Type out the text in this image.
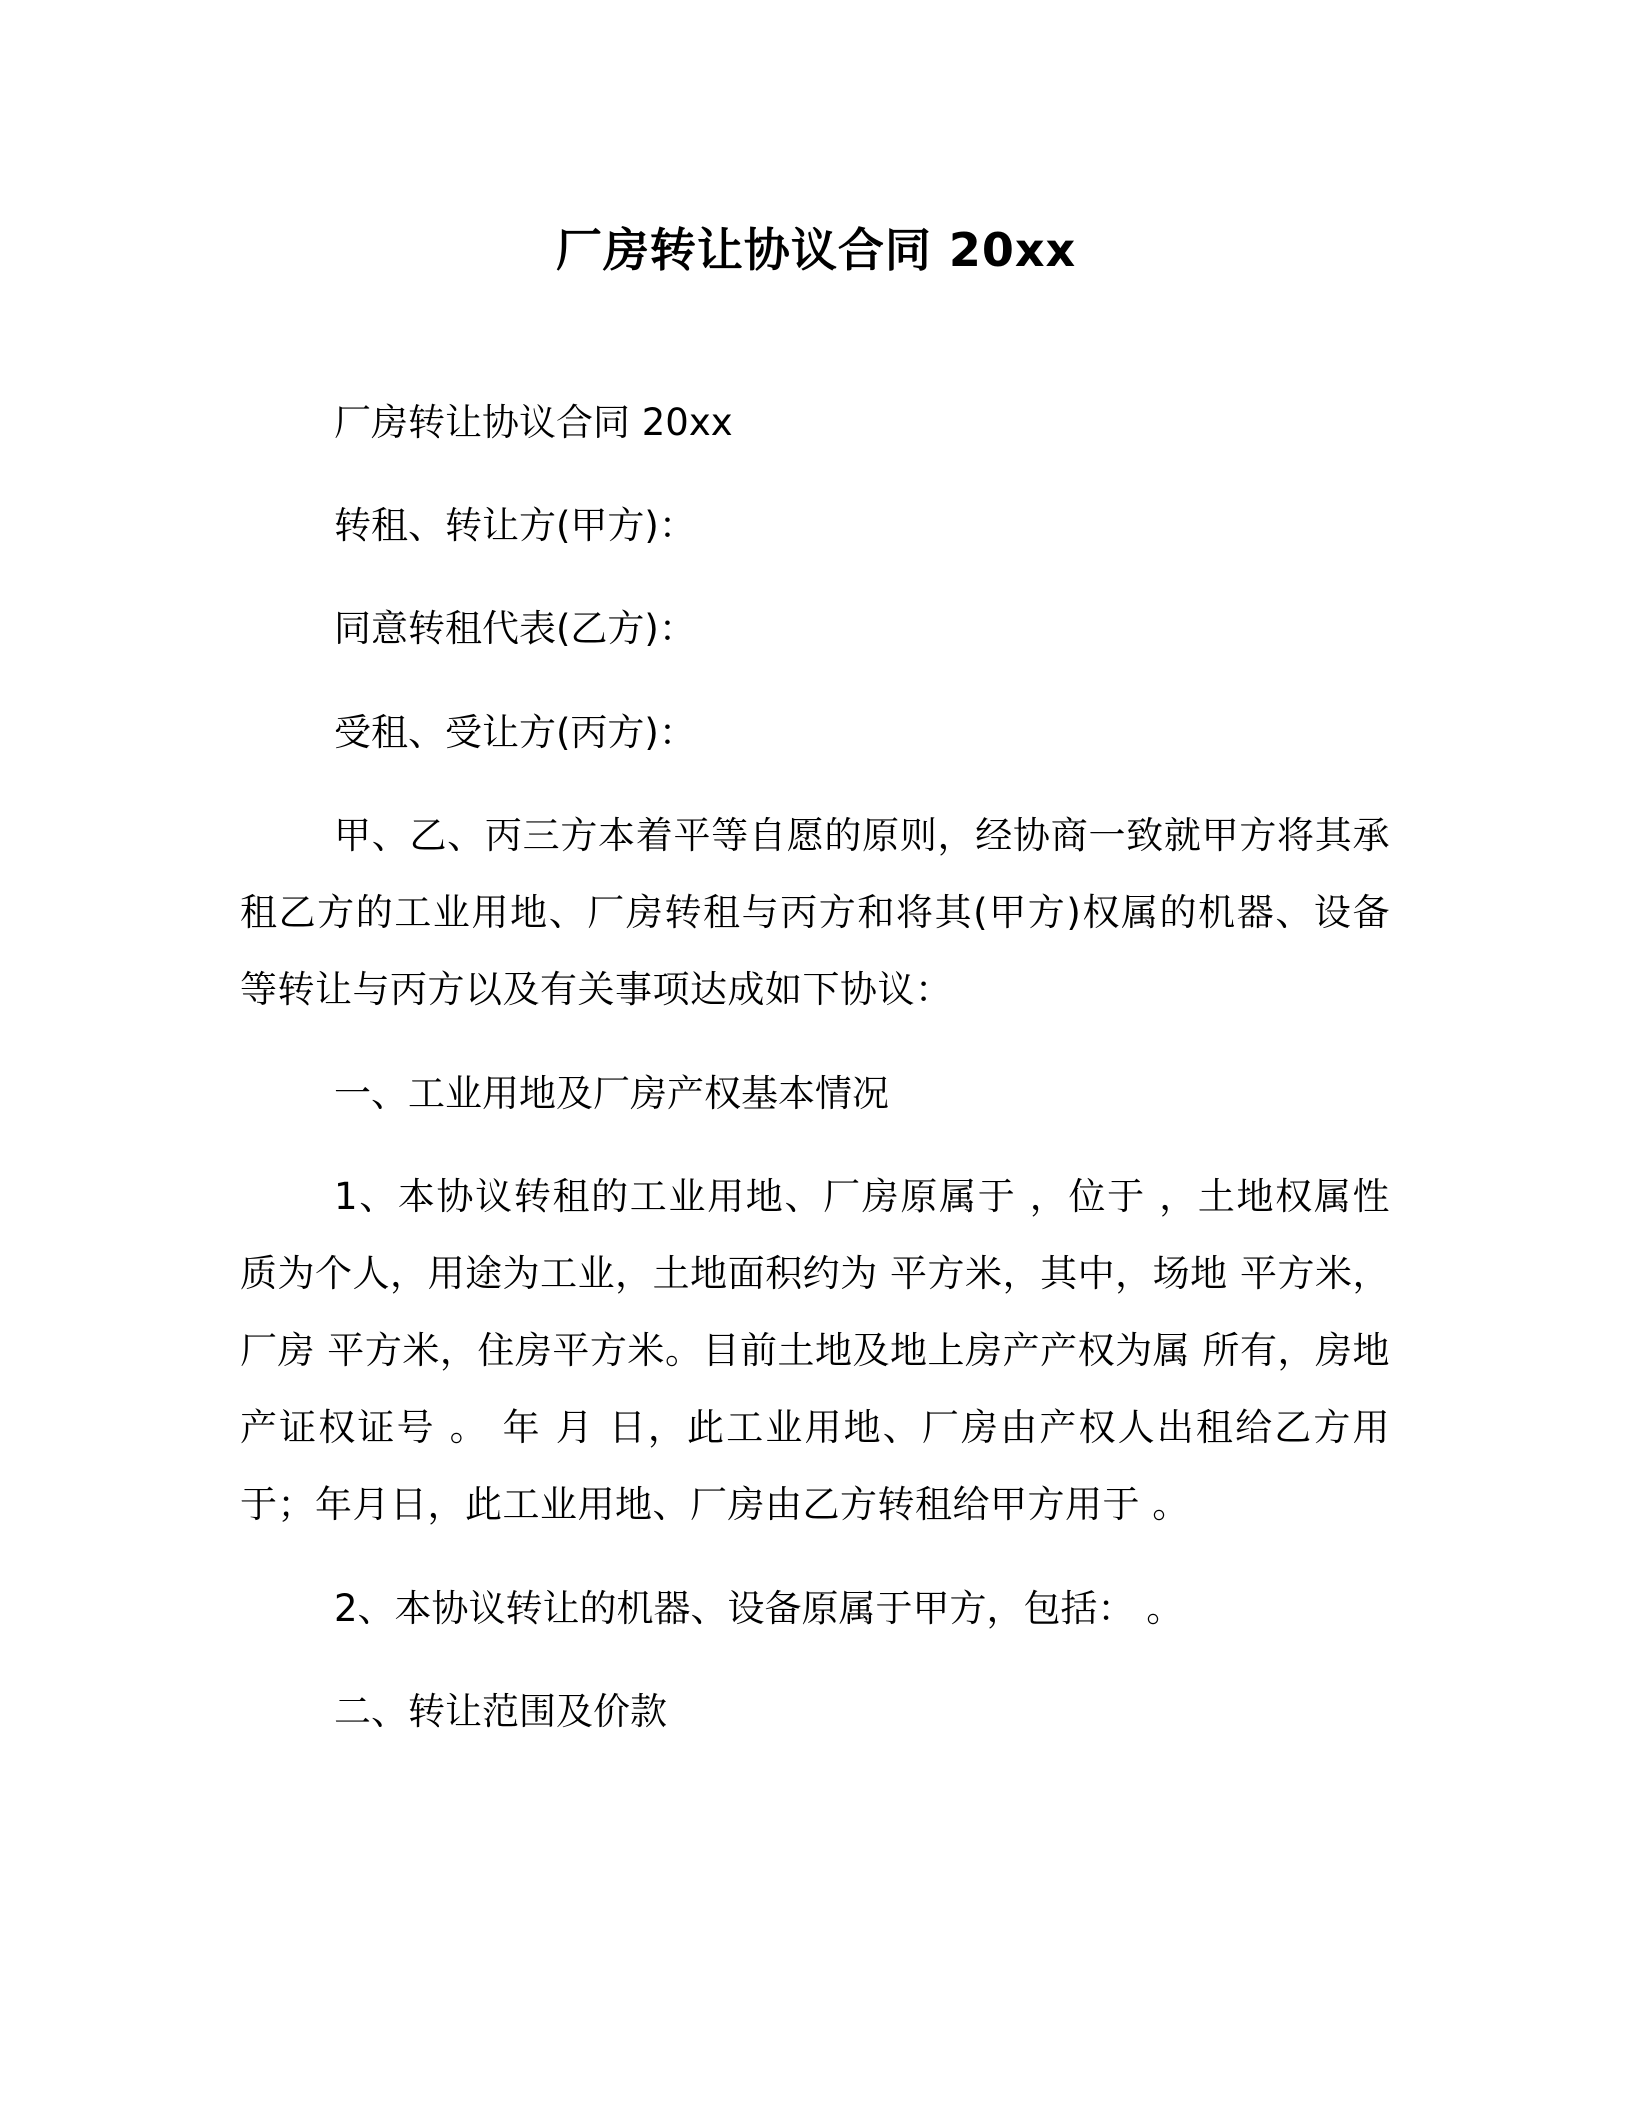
厂房转让协议合同 20xx
厂房转让协议合同 20xx
转租、转让方(甲方)：
同意转租代表(乙方)：
受租、受让方(丙方)：
甲、乙、丙三方本着平等自愿的原则，经协商一致就甲方将其承租乙方的工业用地、厂房转租与丙方和将其(甲方)权属的机器、设备等转让与丙方以及有关事项达成如下协议：
一、工业用地及厂房产权基本情况
1、本协议转租的工业用地、厂房原属于 ，位于 ，土地权属性质为个人，用途为工业，土地面积约为 平方米，其中，场地 平方米，厂房 平方米，住房平方米。目前土地及地上房产产权为属 所有，房地产证权证号 。 年 月 日，此工业用地、厂房由产权人出租给乙方用于；年月日，此工业用地、厂房由乙方转租给甲方用于 。
2、本协议转让的机器、设备原属于甲方，包括： 。
二、转让范围及价款
